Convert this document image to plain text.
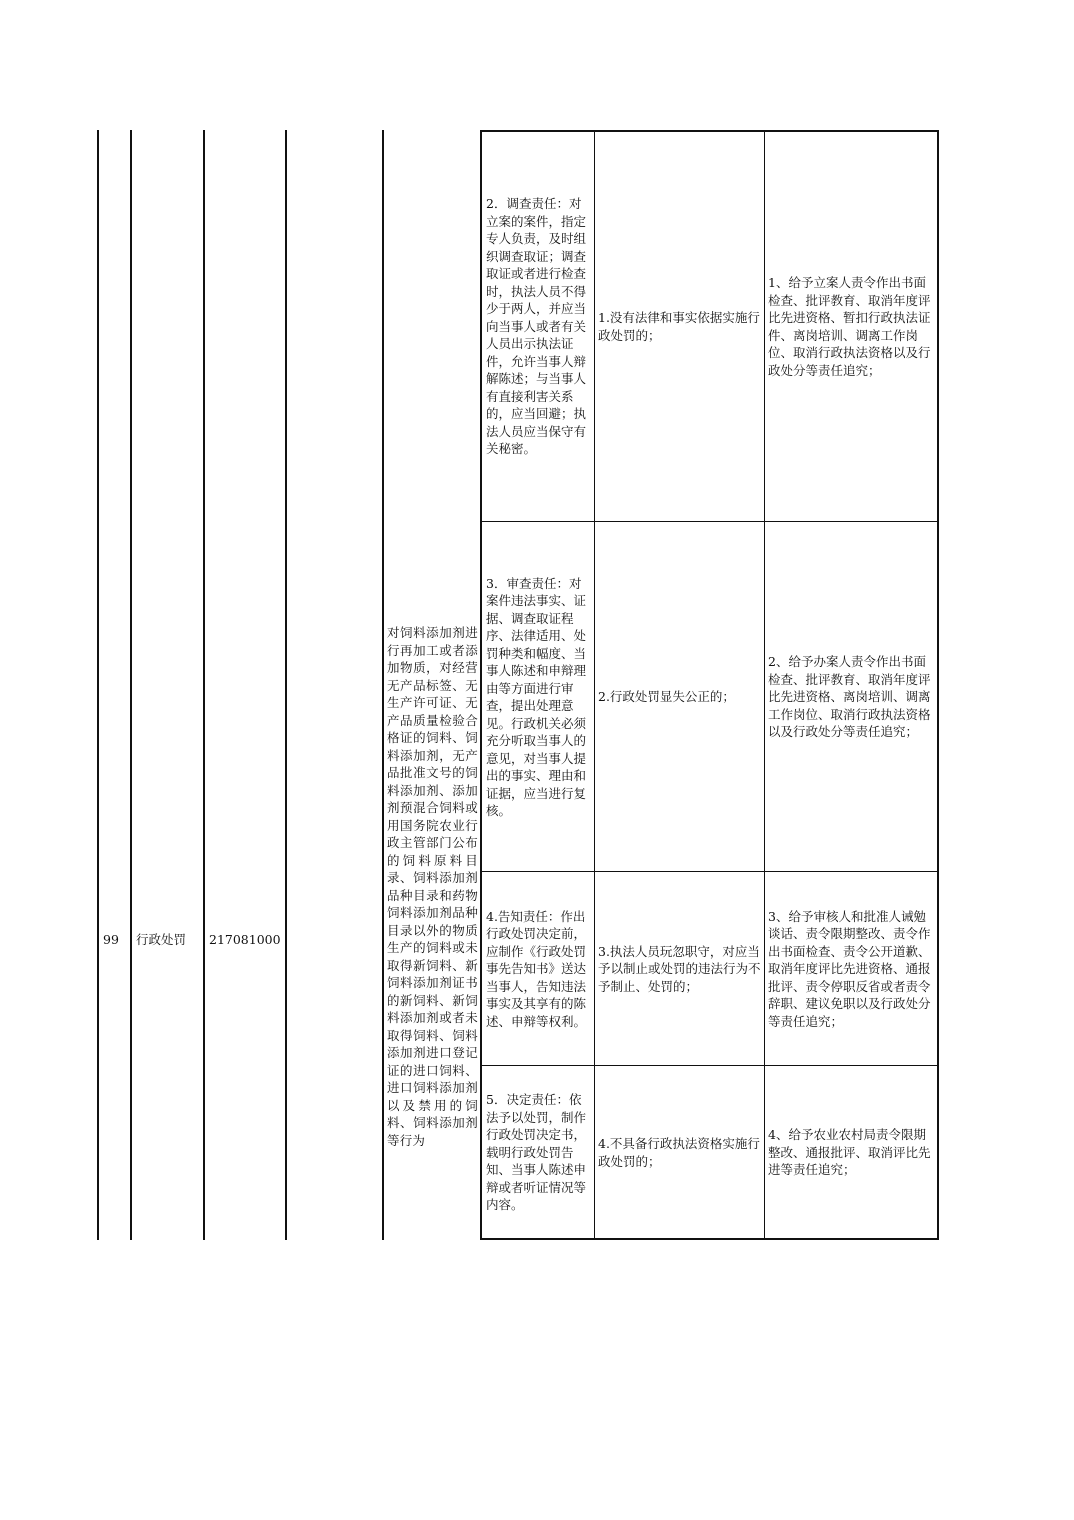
99	行政处罚	217081000
对饲料添加剂进行再加工或者添加物质，对经营无产品标签、无生产许可证、无产品质量检验合格证的饲料、饲料添加剂，无产品批准文号的饲料添加剂、添加剂预混合饲料或用国务院农业行政主管部门公布的饲料原料目录、饲料添加剂品种目录和药物饲料添加剂品种目录以外的物质生产的饲料或未取得新饲料、新饲料添加剂证书的新饲料、新饲料添加剂或者未取得饲料、饲料添加剂进口登记证的进口饲料、进口饲料添加剂以及禁用的饲料、饲料添加剂等行为
2．调查责任：对立案的案件，指定专人负责，及时组织调查取证；调查取证或者进行检查时，执法人员不得少于两人，并应当向当事人或者有关人员出示执法证件，允许当事人辩解陈述；与当事人有直接利害关系的，应当回避；执法人员应当保守有关秘密。
1.没有法律和事实依据实施行政处罚的；
1、给予立案人责令作出书面检查、批评教育、取消年度评比先进资格、暂扣行政执法证件、离岗培训、调离工作岗位、取消行政执法资格以及行政处分等责任追究；
3．审查责任：对案件违法事实、证据、调查取证程序、法律适用、处罚种类和幅度、当事人陈述和申辩理由等方面进行审查，提出处理意见。行政机关必须充分听取当事人的意见，对当事人提出的事实、理由和证据，应当进行复核。
2.行政处罚显失公正的；
2、给予办案人责令作出书面检查、批评教育、取消年度评比先进资格、离岗培训、调离工作岗位、取消行政执法资格以及行政处分等责任追究；
4.告知责任：作出行政处罚决定前，应制作《行政处罚事先告知书》送达当事人，告知违法事实及其享有的陈述、申辩等权利。
3.执法人员玩忽职守，对应当予以制止或处罚的违法行为不予制止、处罚的；
3、给予审核人和批准人诫勉谈话、责令限期整改、责令作出书面检查、责令公开道歉、取消年度评比先进资格、通报批评、责令停职反省或者责令辞职、建议免职以及行政处分等责任追究；
5．决定责任：依法予以处罚，制作行政处罚决定书，载明行政处罚告知、当事人陈述申辩或者听证情况等内容。
4.不具备行政执法资格实施行政处罚的；
4、给予农业农村局责令限期整改、通报批评、取消评比先进等责任追究；
